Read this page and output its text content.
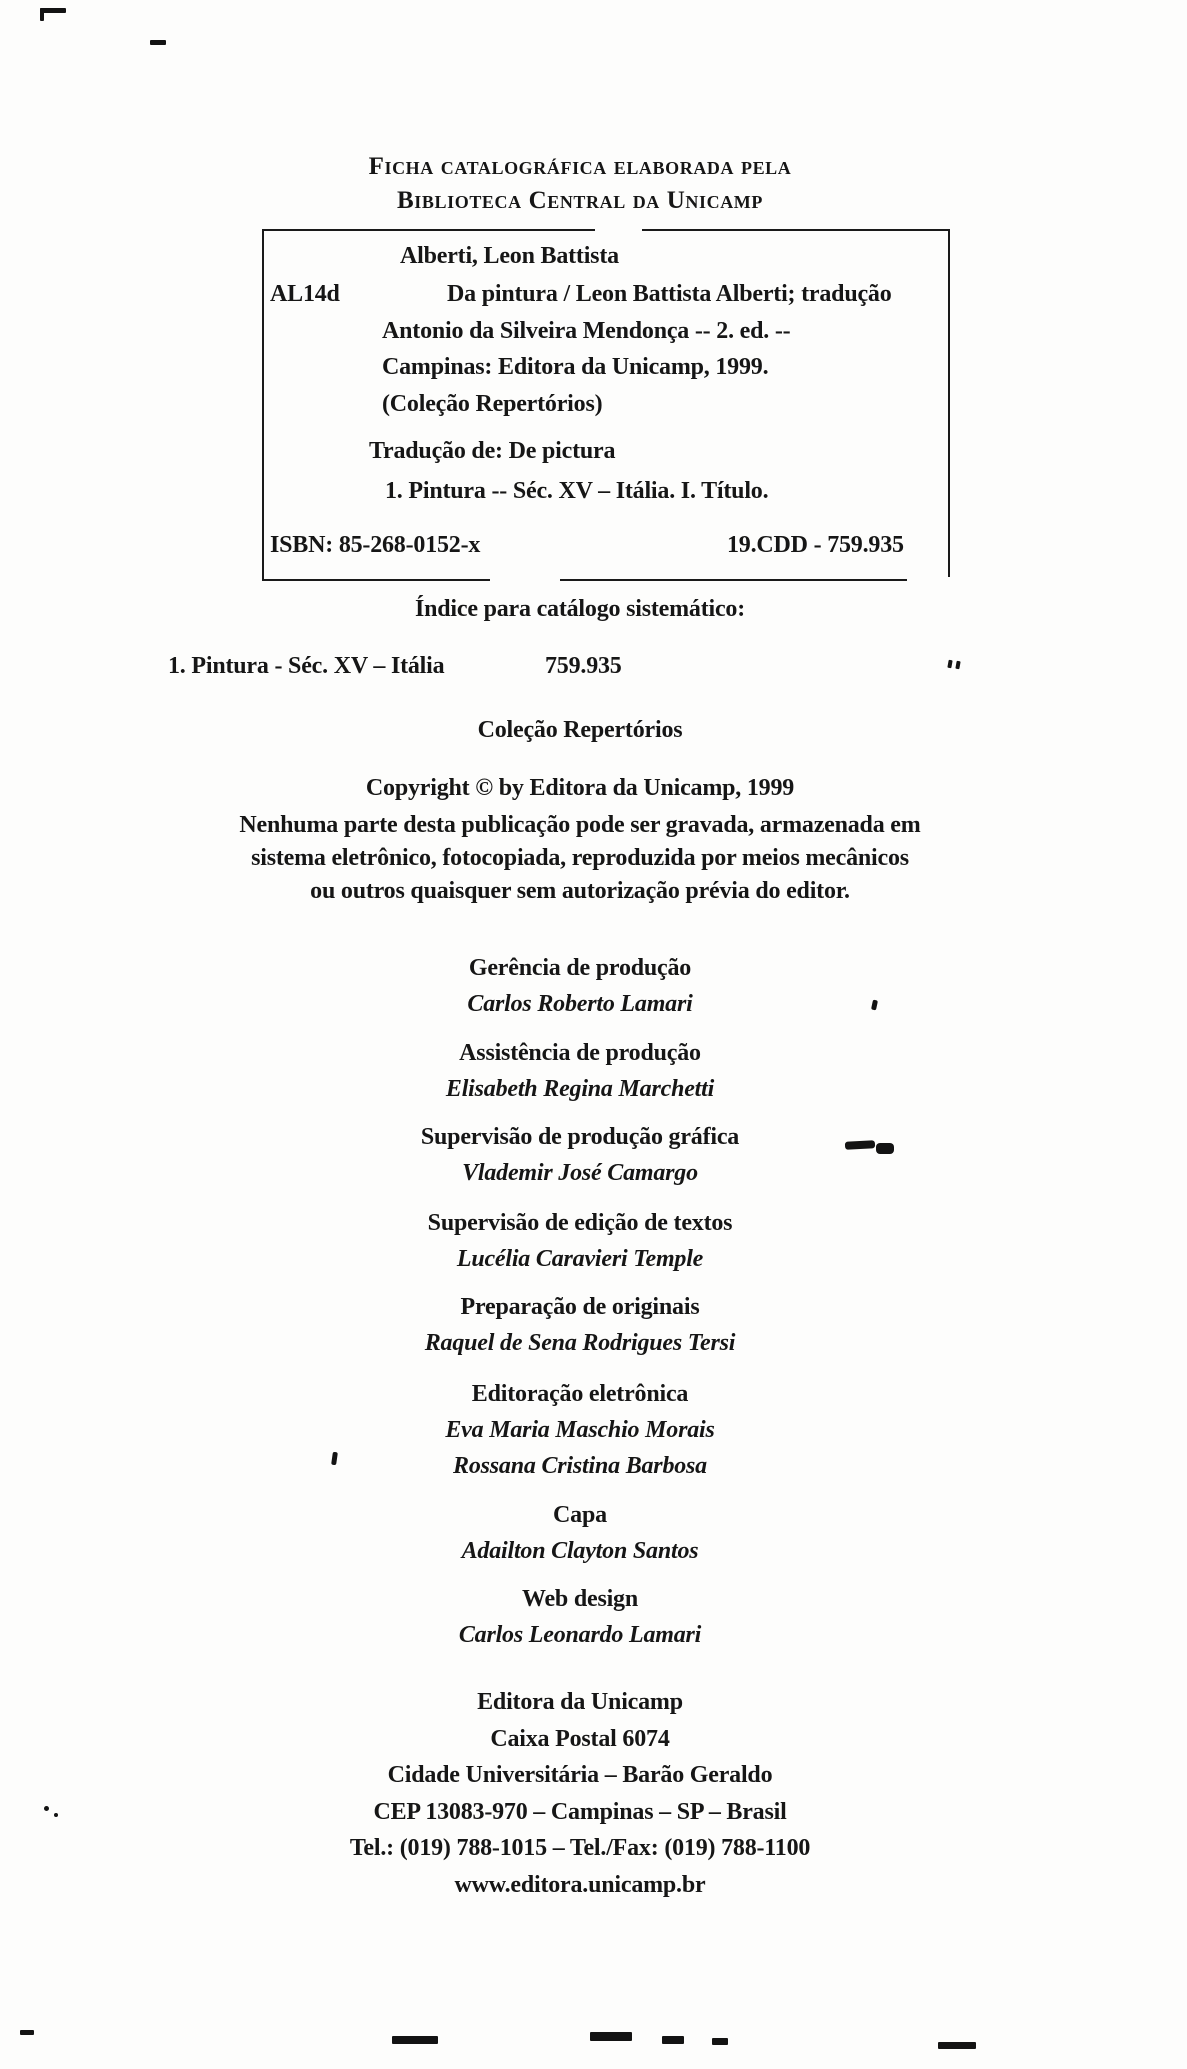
Ficha catalográfica elaborada pela
Biblioteca Central da Unicamp
Alberti, Leon Battista
AL14d	Da pintura / Leon Battista Alberti; tradução
Antonio da Silveira Mendonça -- 2. ed. --
Campinas: Editora da Unicamp, 1999.
(Coleção Repertórios)
Tradução de: De pictura
1. Pintura -- Séc. XV – Itália. I. Título.
ISBN: 85-268-0152-x	19.CDD - 759.935
Índice para catálogo sistemático:
1. Pintura - Séc. XV – Itália	759.935
Coleção Repertórios
Copyright © by Editora da Unicamp, 1999
Nenhuma parte desta publicação pode ser gravada, armazenada em
sistema eletrônico, fotocopiada, reproduzida por meios mecânicos
ou outros quaisquer sem autorização prévia do editor.
Gerência de produção
Carlos Roberto Lamari
Assistência de produção
Elisabeth Regina Marchetti
Supervisão de produção gráfica
Vlademir José Camargo
Supervisão de edição de textos
Lucélia Caravieri Temple
Preparação de originais
Raquel de Sena Rodrigues Tersi
Editoração eletrônica
Eva Maria Maschio Morais
Rossana Cristina Barbosa
Capa
Adailton Clayton Santos
Web design
Carlos Leonardo Lamari
Editora da Unicamp
Caixa Postal 6074
Cidade Universitária – Barão Geraldo
CEP 13083-970 – Campinas – SP – Brasil
Tel.: (019) 788-1015 – Tel./Fax: (019) 788-1100
www.editora.unicamp.br
